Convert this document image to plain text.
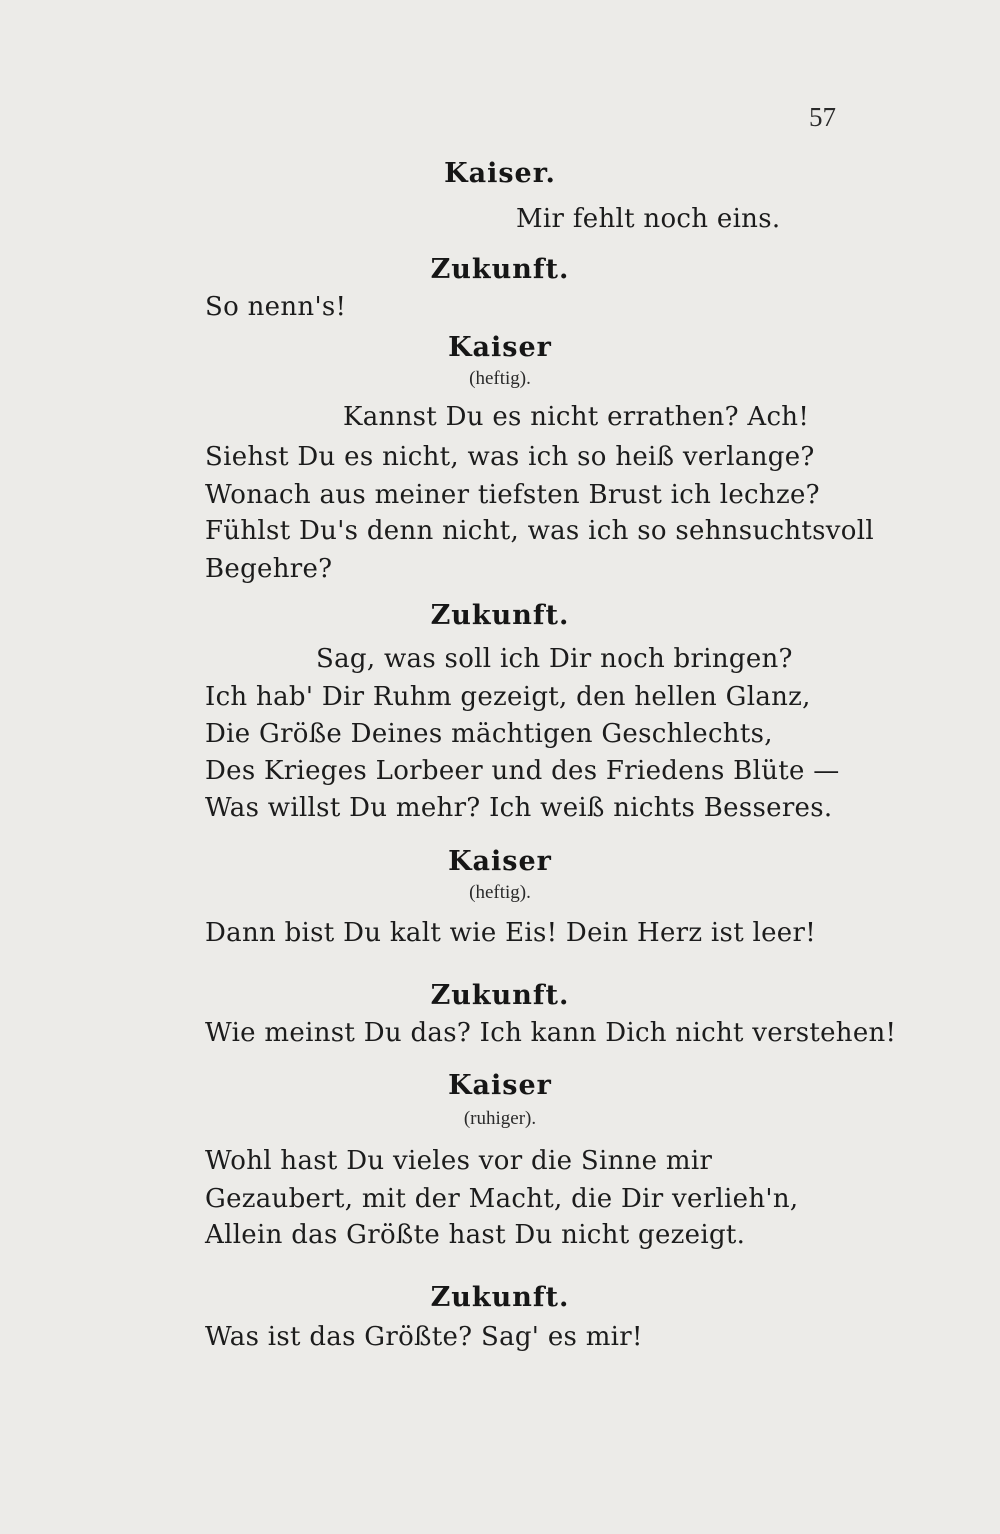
57
Kaiser.
Mir fehlt noch eins.
Zukunft.
So nenn's!
Kaiser
(heftig).
Kannst Du es nicht errathen? Ach!
Siehst Du es nicht, was ich so heiß verlange?
Wonach aus meiner tiefsten Brust ich lechze?
Fühlst Du's denn nicht, was ich so sehnsuchtsvoll
Begehre?
Zukunft.
Sag, was soll ich Dir noch bringen?
Ich hab' Dir Ruhm gezeigt, den hellen Glanz,
Die Größe Deines mächtigen Geschlechts,
Des Krieges Lorbeer und des Friedens Blüte —
Was willst Du mehr? Ich weiß nichts Besseres.
Kaiser
(heftig).
Dann bist Du kalt wie Eis! Dein Herz ist leer!
Zukunft.
Wie meinst Du das? Ich kann Dich nicht verstehen!
Kaiser
(ruhiger).
Wohl hast Du vieles vor die Sinne mir
Gezaubert, mit der Macht, die Dir verlieh'n,
Allein das Größte hast Du nicht gezeigt.
Zukunft.
Was ist das Größte? Sag' es mir!
